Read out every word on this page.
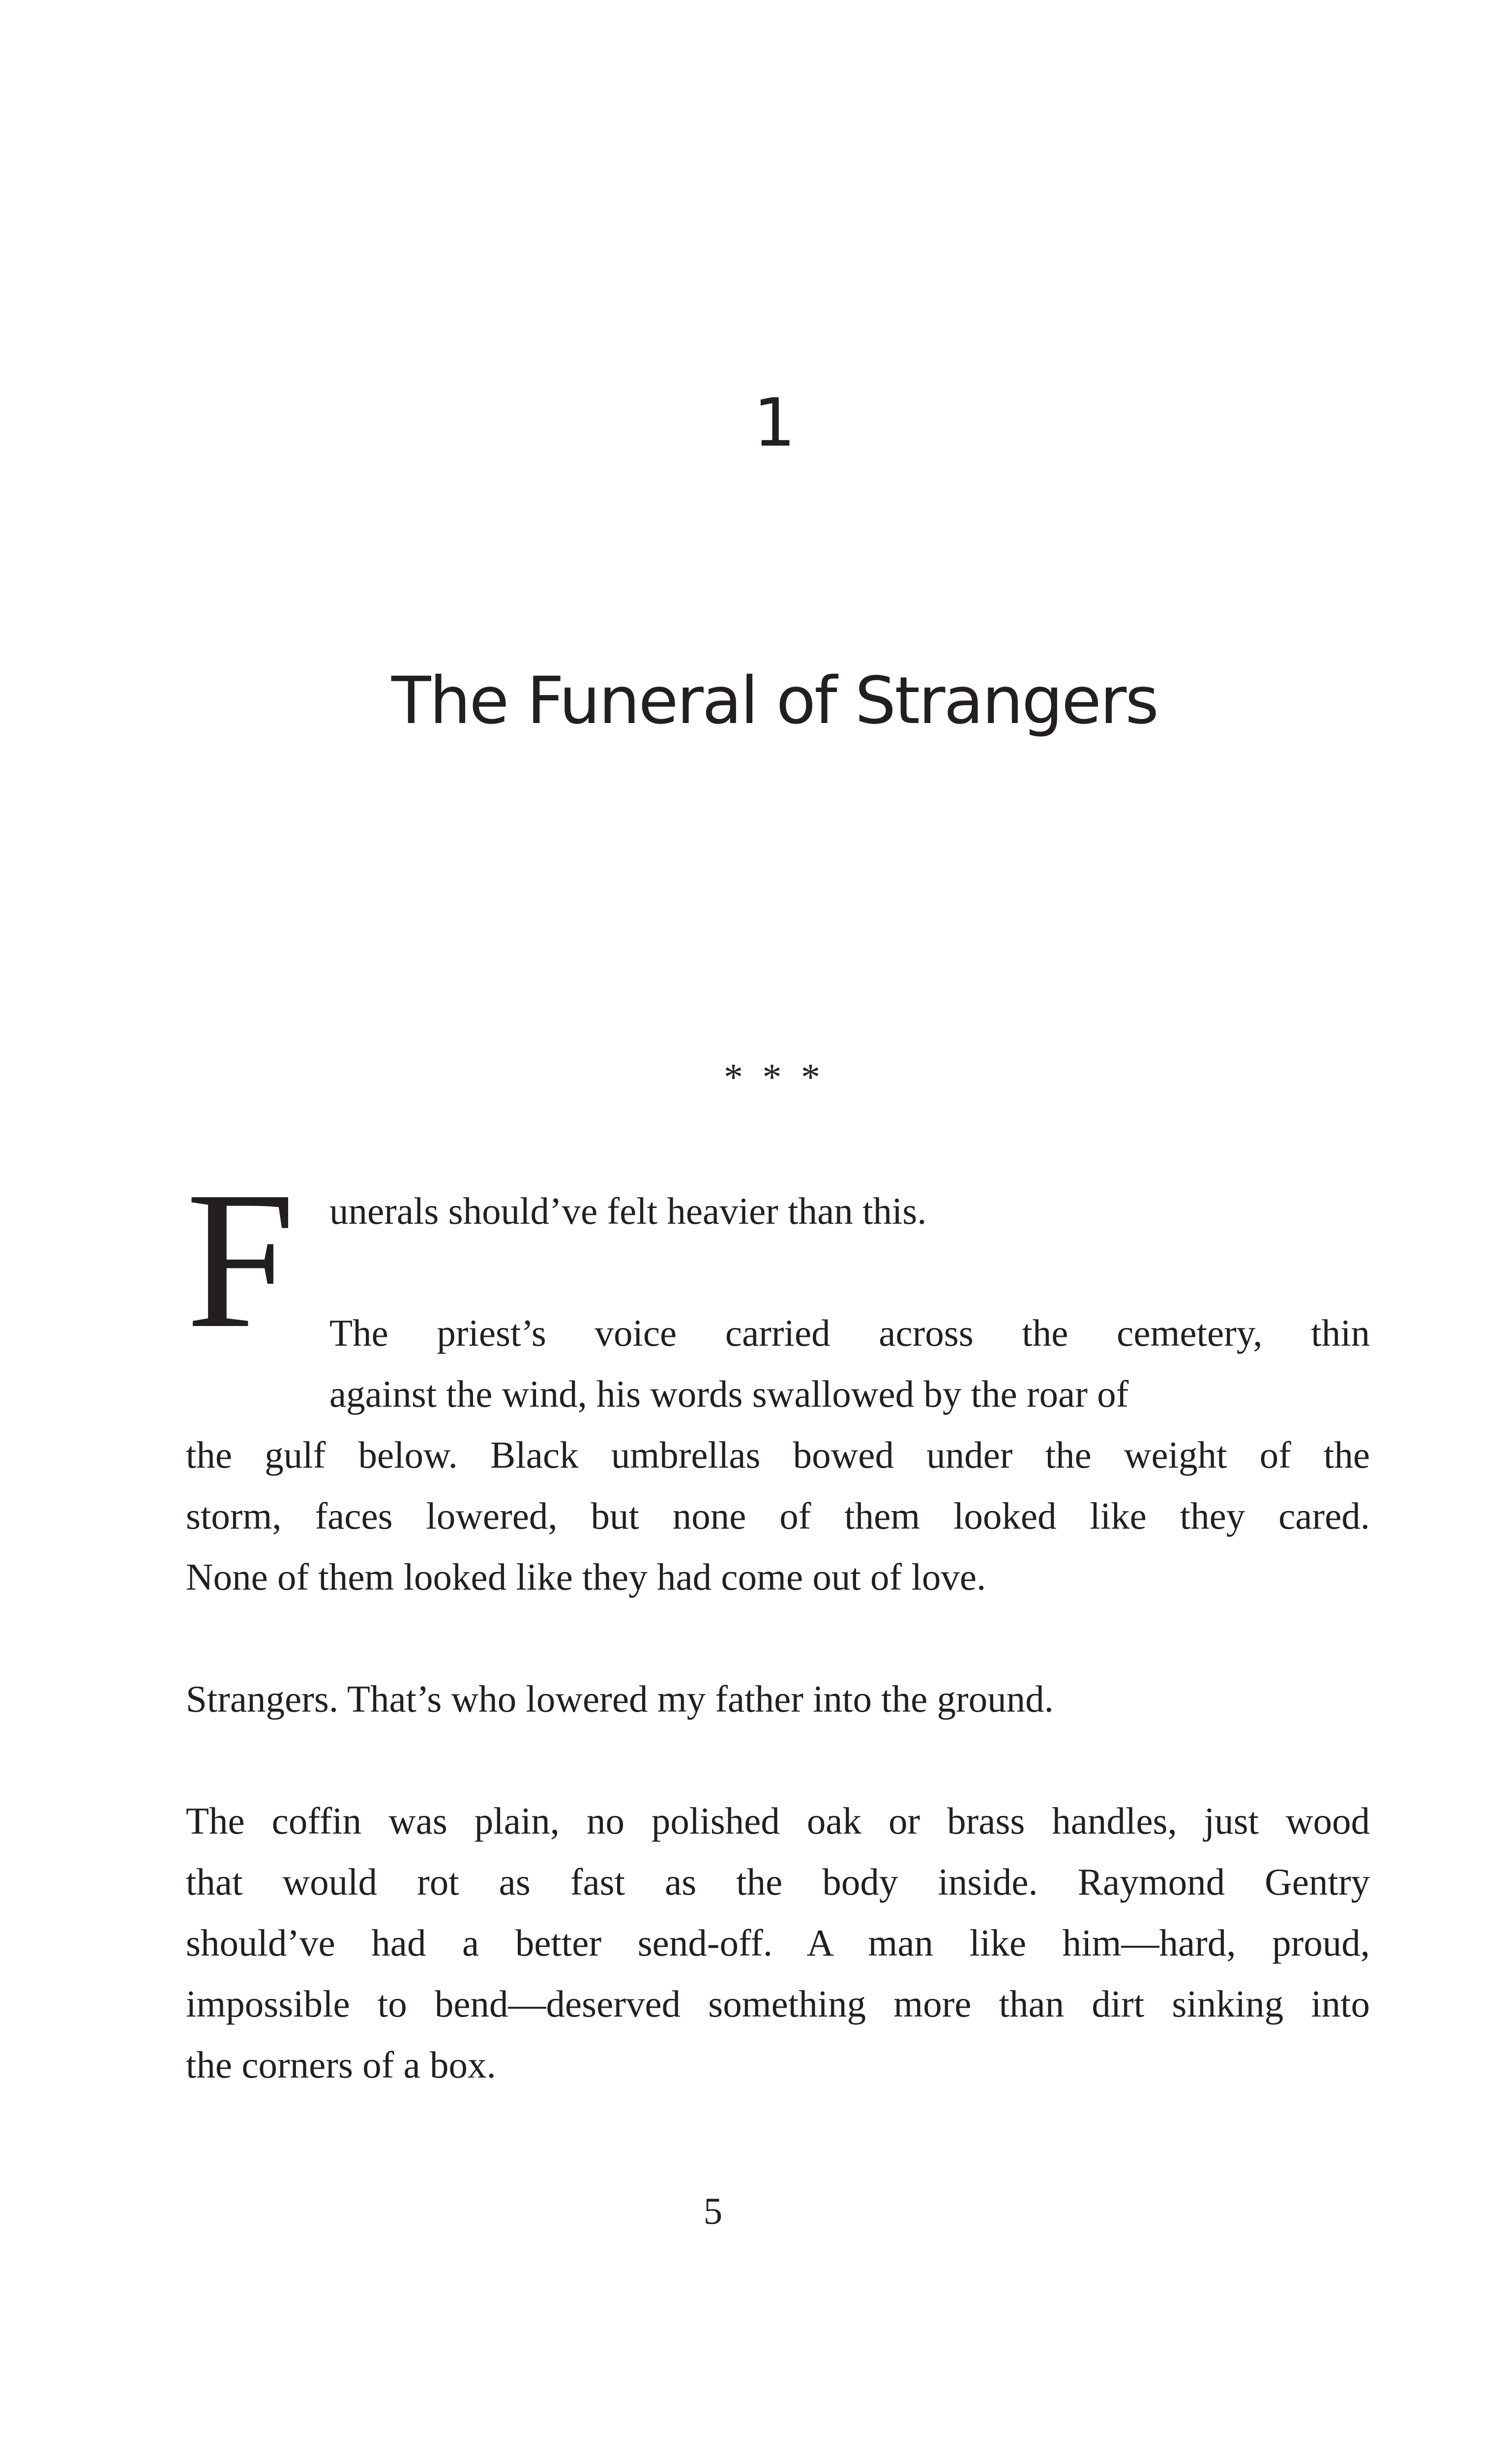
1
The Funeral of Strangers
* * *
F unerals should’ve felt heavier than this.
The priest’s voice carried across the cemetery, thin
against the wind, his words swallowed by the roar of
the gulf below. Black umbrellas bowed under the weight of the
storm, faces lowered, but none of them looked like they cared.
None of them looked like they had come out of love.
Strangers. That’s who lowered my father into the ground.
The coffin was plain, no polished oak or brass handles, just wood
that would rot as fast as the body inside. Raymond Gentry
should’ve had a better send-off. A man like him—hard, proud,
impossible to bend—deserved something more than dirt sinking into
the corners of a box.
5
